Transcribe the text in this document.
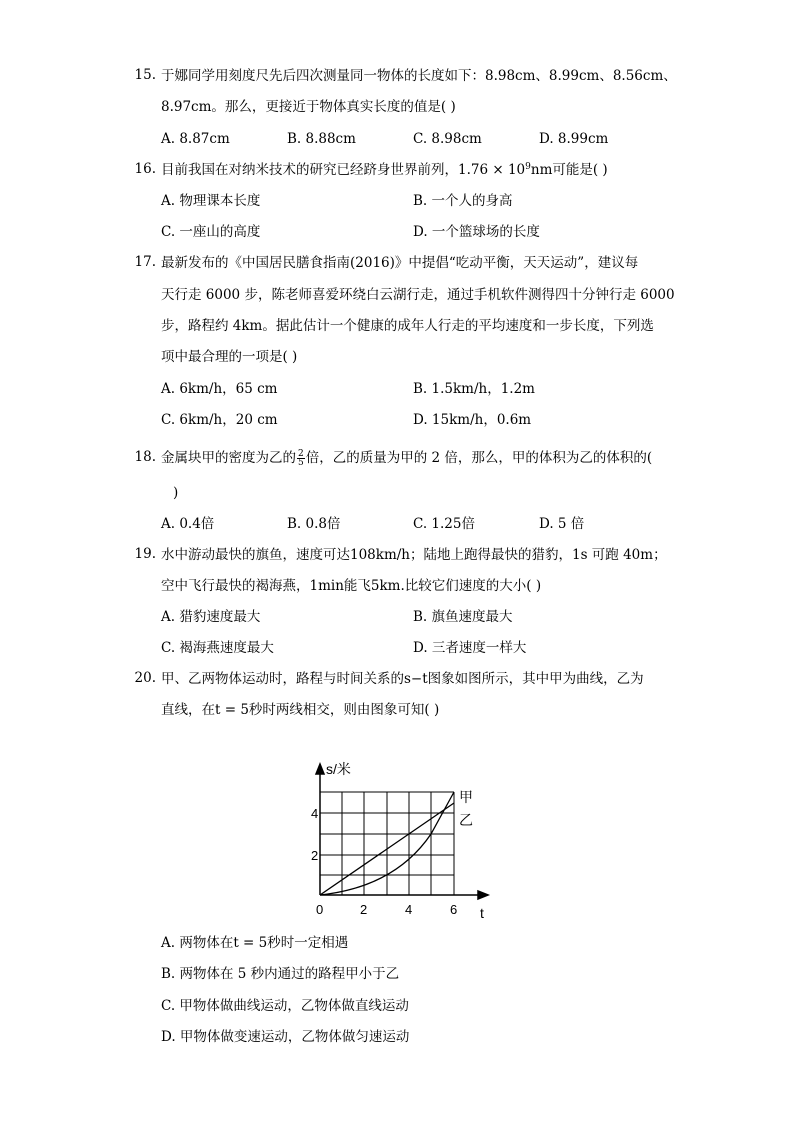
15. 于娜同学用刻度尺先后四次测量同一物体的长度如下：8.98cm、8.99cm、8.56cm、
8.97cm。那么，更接近于物体真实长度的值是( )
A. 8.87cm	B. 8.88cm	C. 8.98cm	D. 8.99cm
16. 目前我国在对纳米技术的研究已经跻身世界前列，$1.76 \times 10^9nm$可能是( )
A. 物理课本长度	B. 一个人的身高
C. 一座山的高度	D. 一个篮球场的长度
17. 最新发布的《中国居民膳食指南(2016)》中提倡“吃动平衡，天天运动”，建议每
天行走 6000 步，陈老师喜爱环绕白云湖行走，通过手机软件测得四十分钟行走 6000
步，路程约 4km。据此估计一个健康的成年人行走的平均速度和一步长度，下列选
项中最合理的一项是( )
A. 6km/h，65 cm	B. 1.5km/h，1.2m
C. 6km/h，20 cm	D. 15km/h，0.6m
18. 金属块甲的密度为乙的 $\frac{2}{5}$ 倍，乙的质量为甲的 2 倍，那么，甲的体积为乙的体积的(
)
A. 0.4倍	B. 0.8倍	C. 1.25倍	D. 5 倍
19. 水中游动最快的旗鱼，速度可达108km/h；陆地上跑得最快的猎豹，1s 可跑 40m；
空中飞行最快的褐海燕，1min能飞5km.比较它们速度的大小( )
A. 猎豹速度最大	B. 旗鱼速度最大
C. 褐海燕速度最大	D. 三者速度一样大
20. 甲、乙两物体运动时，路程与时间关系的s−t图象如图所示，其中甲为曲线，乙为
直线，在t = 5秒时两线相交，则由图象可知( )
s/米
t
2
4
0	2	4	6
甲
乙
A. 两物体在t = 5秒时一定相遇
B. 两物体在 5 秒内通过的路程甲小于乙
C. 甲物体做曲线运动，乙物体做直线运动
D. 甲物体做变速运动，乙物体做匀速运动
